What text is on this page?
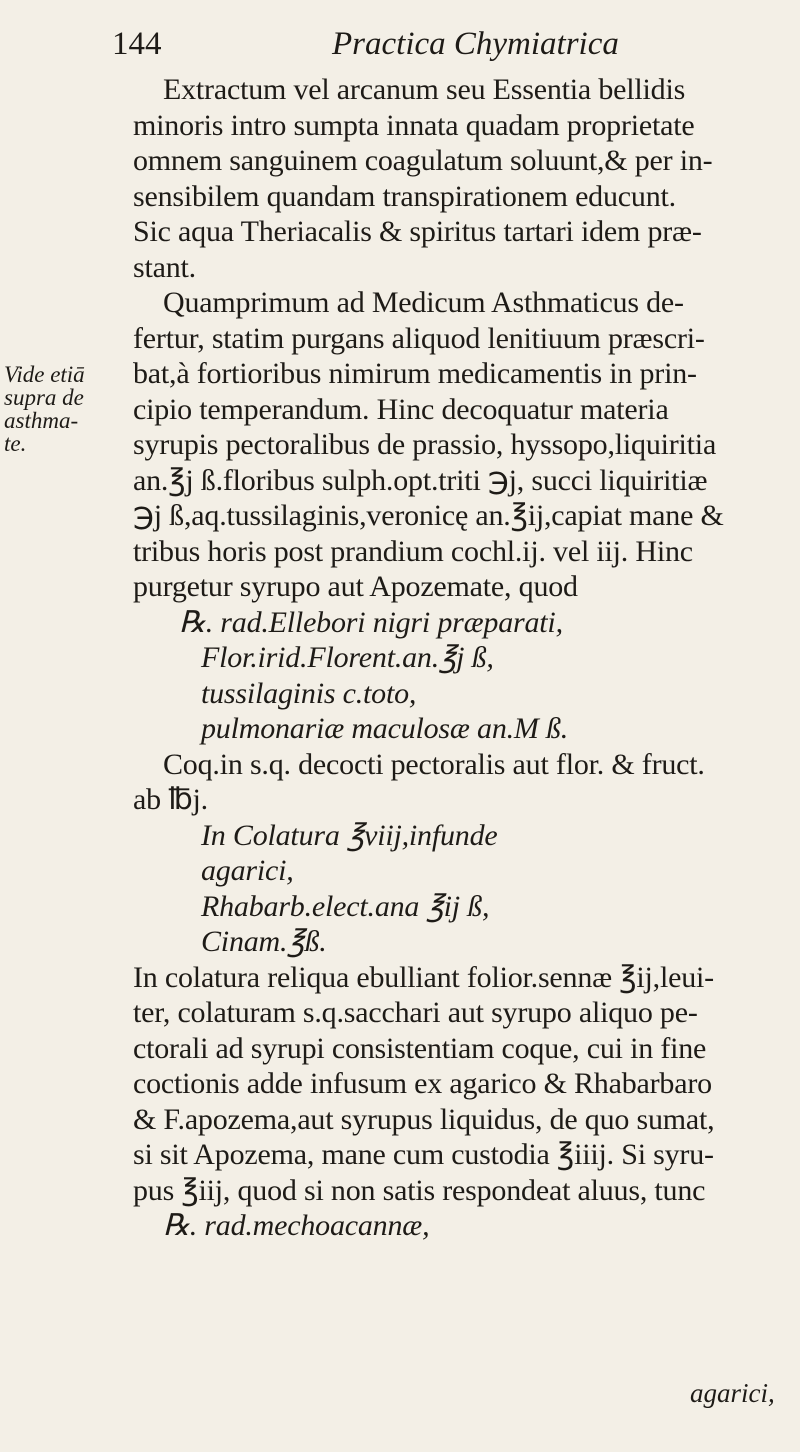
144	Practica Chymiatrica
Vide etiā
supra de
asthma-
te.
Extractum vel arcanum seu Essentia bellidis
minoris intro sumpta innata quadam proprietate
omnem sanguinem coagulatum soluunt,& per in-
sensibilem quandam transpirationem educunt.
Sic aqua Theriacalis & spiritus tartari idem præ-
stant.
Quamprimum ad Medicum Asthmaticus de-
fertur, statim purgans aliquod lenitiuum præscri-
bat,à fortioribus nimirum medicamentis in prin-
cipio temperandum. Hinc decoquatur materia
syrupis pectoralibus de prassio, hyssopo,liquiritia
an.℥j ß.floribus sulph.opt.triti ℈j, succi liquiritiæ
℈j ß,aq.tussilaginis,veronicę an.℥ij,capiat mane &
tribus horis post prandium cochl.ij. vel iij. Hinc
purgetur syrupo aut Apozemate, quod
℞. rad.Ellebori nigri præparati,
Flor.irid.Florent.an.℥j ß,
tussilaginis c.toto,
pulmonariæ maculosæ an.M ß.
Coq.in s.q. decocti pectoralis aut flor. & fruct.
ab ℔j.
In Colatura ℥viij,infunde
agarici,
Rhabarb.elect.ana ℥ij ß,
Cinam.℥ß.
In colatura reliqua ebulliant folior.sennæ ℥ij,leui-
ter, colaturam s.q.sacchari aut syrupo aliquo pe-
ctorali ad syrupi consistentiam coque, cui in fine
coctionis adde infusum ex agarico & Rhabarbaro
& F.apozema,aut syrupus liquidus, de quo sumat,
si sit Apozema, mane cum custodia ℥iiij. Si syru-
pus ℥iij, quod si non satis respondeat aluus, tunc
℞. rad.mechoacannæ,
agarici,
